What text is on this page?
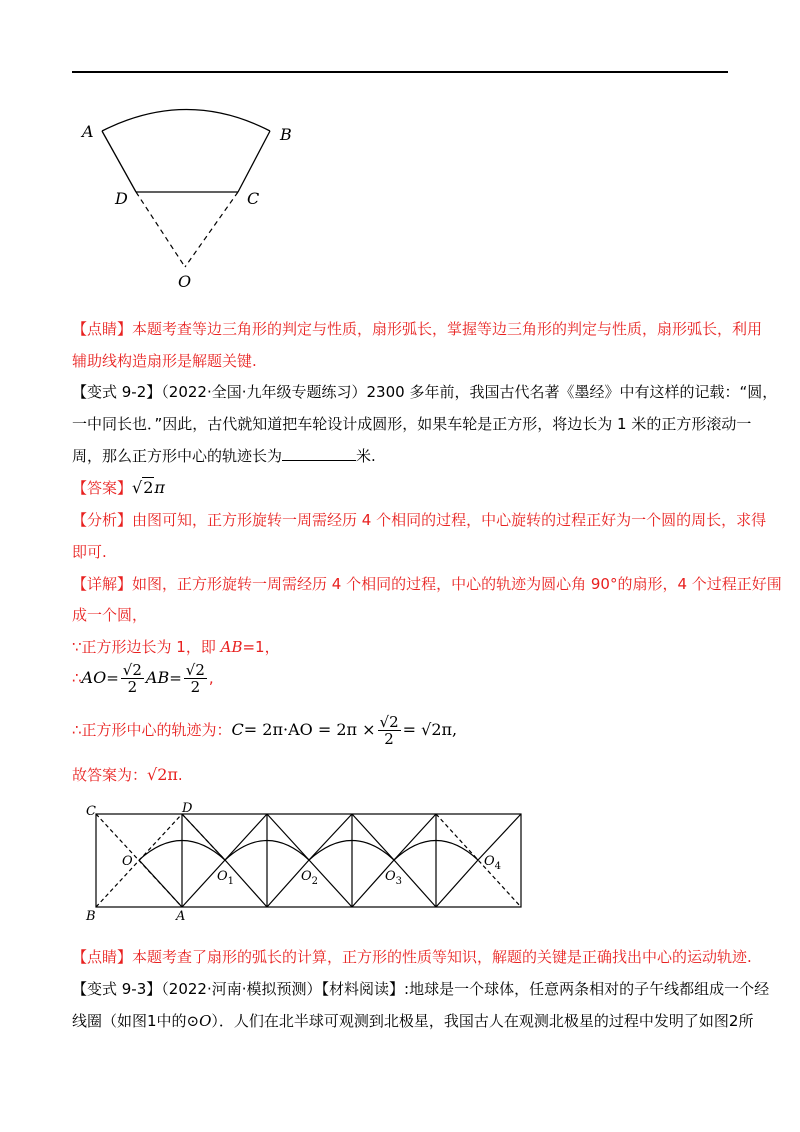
A	B
D	C
O
【点睛】本题考查等边三角形的判定与性质，扇形弧长，掌握等边三角形的判定与性质，扇形弧长，利用
辅助线构造扇形是解题关键.
【变式 9-2】（2022·全国·九年级专题练习）2300 多年前，我国古代名著《墨经》中有这样的记载：“圆，
一中同长也．”因此，古代就知道把车轮设计成圆形，如果车轮是正方形，将边长为 1 米的正方形滚动一
周，那么正方形中心的轨迹长为	米.
【答案】√2π
【分析】由图可知，正方形旋转一周需经历 4 个相同的过程，中心旋转的过程正好为一个圆的周长，求得
即可.
【详解】如图，正方形旋转一周需经历 4 个相同的过程，中心的轨迹为圆心角 90°的扇形，4 个过程正好围
成一个圆，
∵正方形边长为 1，即 AB=1，
∴AO= $\frac{√2}{2} AB= \frac{√2}{2}$ ,
∴正方形中心的轨迹为：$C= 2\pi\cdot AO = 2\pi \times \frac{√2}{2} = √2\pi$,
故答案为：√2π.
C	D
B	A
O
$O_1$	$O_2$	$O_3$
$O_4$
【点睛】本题考查了扇形的弧长的计算，正方形的性质等知识，解题的关键是正确找出中心的运动轨迹.
【变式 9-3】（2022·河南·模拟预测）【材料阅读】:地球是一个球体，任意两条相对的子午线都组成一个经
线圈（如图1中的⊙O）．人们在北半球可观测到北极星，我国古人在观测北极星的过程中发明了如图2所
